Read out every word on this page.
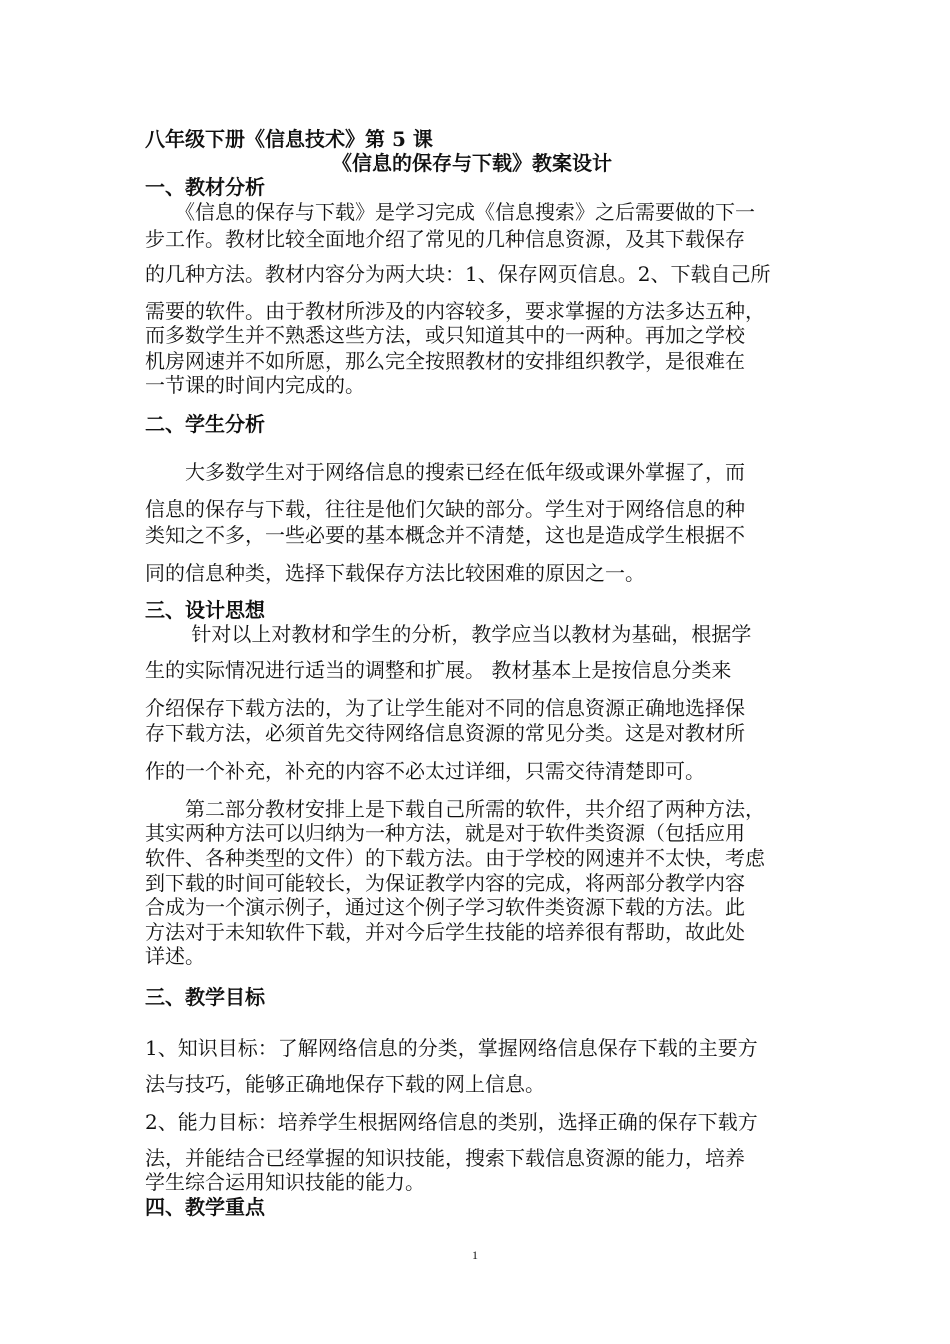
八年级下册《信息技术》第 5 课
《信息的保存与下载》教案设计
一、教材分析
　　《信息的保存与下载》是学习完成《信息搜索》之后需要做的下一
步工作。教材比较全面地介绍了常见的几种信息资源，及其下载保存
的几种方法。教材内容分为两大块：1、保存网页信息。2、下载自己所
需要的软件。由于教材所涉及的内容较多，要求掌握的方法多达五种，
而多数学生并不熟悉这些方法，或只知道其中的一两种。再加之学校
机房网速并不如所愿，那么完全按照教材的安排组织教学，是很难在
一节课的时间内完成的。
二、学生分析
　　大多数学生对于网络信息的搜索已经在低年级或课外掌握了，而
信息的保存与下载，往往是他们欠缺的部分。学生对于网络信息的种
类知之不多，一些必要的基本概念并不清楚，这也是造成学生根据不
同的信息种类，选择下载保存方法比较困难的原因之一。
三、设计思想
　　 针对以上对教材和学生的分析，教学应当以教材为基础，根据学
生的实际情况进行适当的调整和扩展。 教材基本上是按信息分类来
介绍保存下载方法的，为了让学生能对不同的信息资源正确地选择保
存下载方法，必须首先交待网络信息资源的常见分类。这是对教材所
作的一个补充，补充的内容不必太过详细，只需交待清楚即可。
　　第二部分教材安排上是下载自己所需的软件，共介绍了两种方法，
其实两种方法可以归纳为一种方法，就是对于软件类资源（包括应用
软件、各种类型的文件）的下载方法。由于学校的网速并不太快，考虑
到下载的时间可能较长，为保证教学内容的完成，将两部分教学内容
合成为一个演示例子，通过这个例子学习软件类资源下载的方法。此
方法对于未知软件下载，并对今后学生技能的培养很有帮助，故此处
详述。
三、教学目标
1、知识目标：了解网络信息的分类，掌握网络信息保存下载的主要方
法与技巧，能够正确地保存下载的网上信息。
2、能力目标：培养学生根据网络信息的类别，选择正确的保存下载方
法，并能结合已经掌握的知识技能，搜索下载信息资源的能力，培养
学生综合运用知识技能的能力。
四、教学重点
1
